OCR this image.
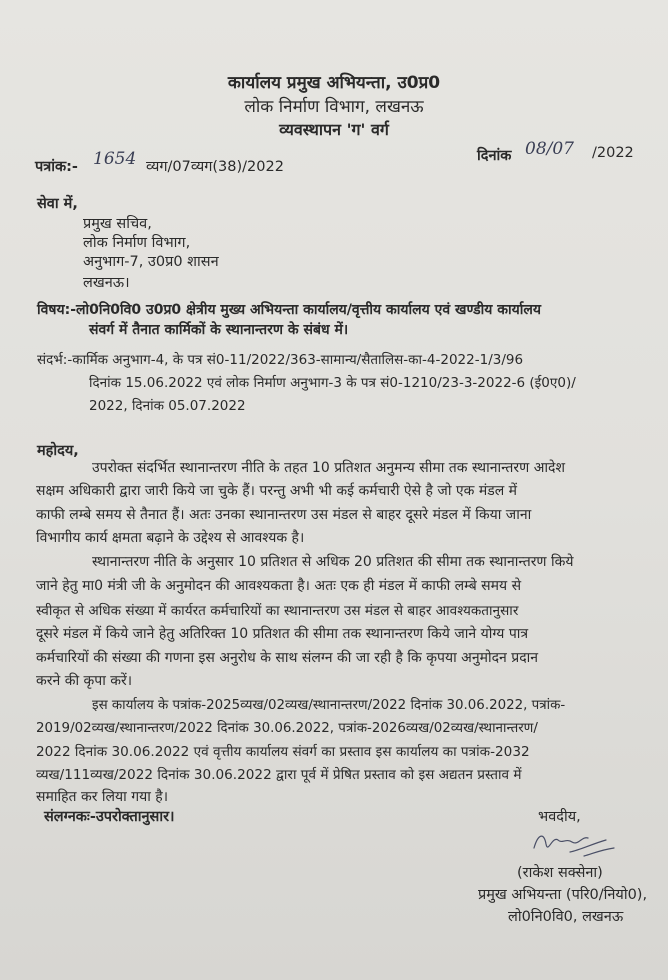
कार्यालय प्रमुख अभियन्ता, उ0प्र0
लोक निर्माण विभाग, लखनऊ
व्यवस्थापन 'ग' वर्ग
पत्रांक:- 1654 व्यग/07व्यग(38)/2022
दिनांक 08/07 /2022
सेवा में,
प्रमुख सचिव,
लोक निर्माण विभाग,
अनुभाग-7, उ0प्र0 शासन
लखनऊ।
विषय:-लो0नि0वि0 उ0प्र0 क्षेत्रीय मुख्य अभियन्ता कार्यालय/वृत्तीय कार्यालय एवं खण्डीय कार्यालय
संवर्ग में तैनात कार्मिकों के स्थानान्तरण के संबंध में।
संदर्भ:-कार्मिक अनुभाग-4, के पत्र सं0-11/2022/363-सामान्य/सैतालिस-का-4-2022-1/3/96
दिनांक 15.06.2022 एवं लोक निर्माण अनुभाग-3 के पत्र सं0-1210/23-3-2022-6 (ई0ए0)/
2022, दिनांक 05.07.2022
महोदय,
उपरोक्त संदर्भित स्थानान्तरण नीति के तहत 10 प्रतिशत अनुमन्य सीमा तक स्थानान्तरण आदेश
सक्षम अधिकारी द्वारा जारी किये जा चुके हैं। परन्तु अभी भी कई कर्मचारी ऐसे है जो एक मंडल में
काफी लम्बे समय से तैनात हैं। अतः उनका स्थानान्तरण उस मंडल से बाहर दूसरे मंडल में किया जाना
विभागीय कार्य क्षमता बढ़ाने के उद्देश्य से आवश्यक है।
स्थानान्तरण नीति के अनुसार 10 प्रतिशत से अधिक 20 प्रतिशत की सीमा तक स्थानान्तरण किये
जाने हेतु मा0 मंत्री जी के अनुमोदन की आवश्यकता है। अतः एक ही मंडल में काफी लम्बे समय से
स्वीकृत से अधिक संख्या में कार्यरत कर्मचारियों का स्थानान्तरण उस मंडल से बाहर आवश्यकतानुसार
दूसरे मंडल में किये जाने हेतु अतिरिक्त 10 प्रतिशत की सीमा तक स्थानान्तरण किये जाने योग्य पात्र
कर्मचारियों की संख्या की गणना इस अनुरोध के साथ संलग्न की जा रही है कि कृपया अनुमोदन प्रदान
करने की कृपा करें।
इस कार्यालय के पत्रांक-2025व्यख/02व्यख/स्थानान्तरण/2022 दिनांक 30.06.2022, पत्रांक-
2019/02व्यख/स्थानान्तरण/2022 दिनांक 30.06.2022, पत्रांक-2026व्यख/02व्यख/स्थानान्तरण/
2022 दिनांक 30.06.2022 एवं वृत्तीय कार्यालय संवर्ग का प्रस्ताव इस कार्यालय का पत्रांक-2032
व्यख/111व्यख/2022 दिनांक 30.06.2022 द्वारा पूर्व में प्रेषित प्रस्ताव को इस अद्यतन प्रस्ताव में
समाहित कर लिया गया है।
संलग्नकः-उपरोक्तानुसार।	भवदीय,
(राकेश सक्सेना)
प्रमुख अभियन्ता (परि0/नियो0),
लो0नि0वि0, लखनऊ
